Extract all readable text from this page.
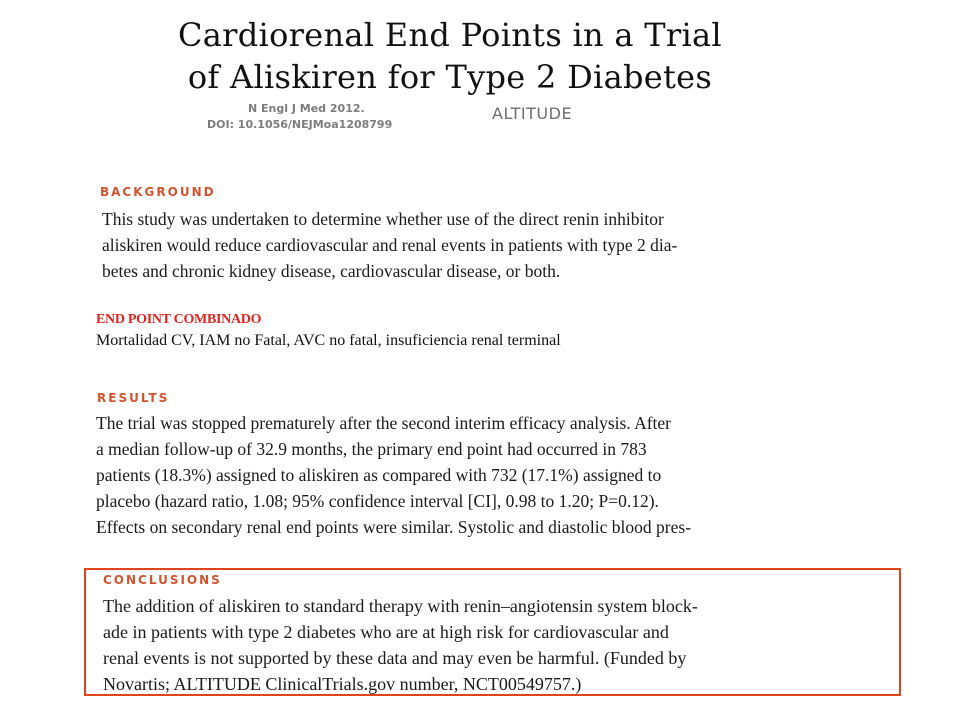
Cardiorenal End Points in a Trial
of Aliskiren for Type 2 Diabetes
N Engl J Med 2012.
DOI: 10.1056/NEJMoa1208799
ALTITUDE
BACKGROUND
This study was undertaken to determine whether use of the direct renin inhibitor
aliskiren would reduce cardiovascular and renal events in patients with type 2 dia-
betes and chronic kidney disease, cardiovascular disease, or both.
END POINT COMBINADO
Mortalidad CV, IAM no Fatal, AVC no fatal, insuficiencia renal terminal
RESULTS
The trial was stopped prematurely after the second interim efficacy analysis. After
a median follow-up of 32.9 months, the primary end point had occurred in 783
patients (18.3%) assigned to aliskiren as compared with 732 (17.1%) assigned to
placebo (hazard ratio, 1.08; 95% confidence interval [CI], 0.98 to 1.20; P=0.12).
Effects on secondary renal end points were similar. Systolic and diastolic blood pres-
CONCLUSIONS
The addition of aliskiren to standard therapy with renin–angiotensin system block-
ade in patients with type 2 diabetes who are at high risk for cardiovascular and
renal events is not supported by these data and may even be harmful. (Funded by
Novartis; ALTITUDE ClinicalTrials.gov number, NCT00549757.)
